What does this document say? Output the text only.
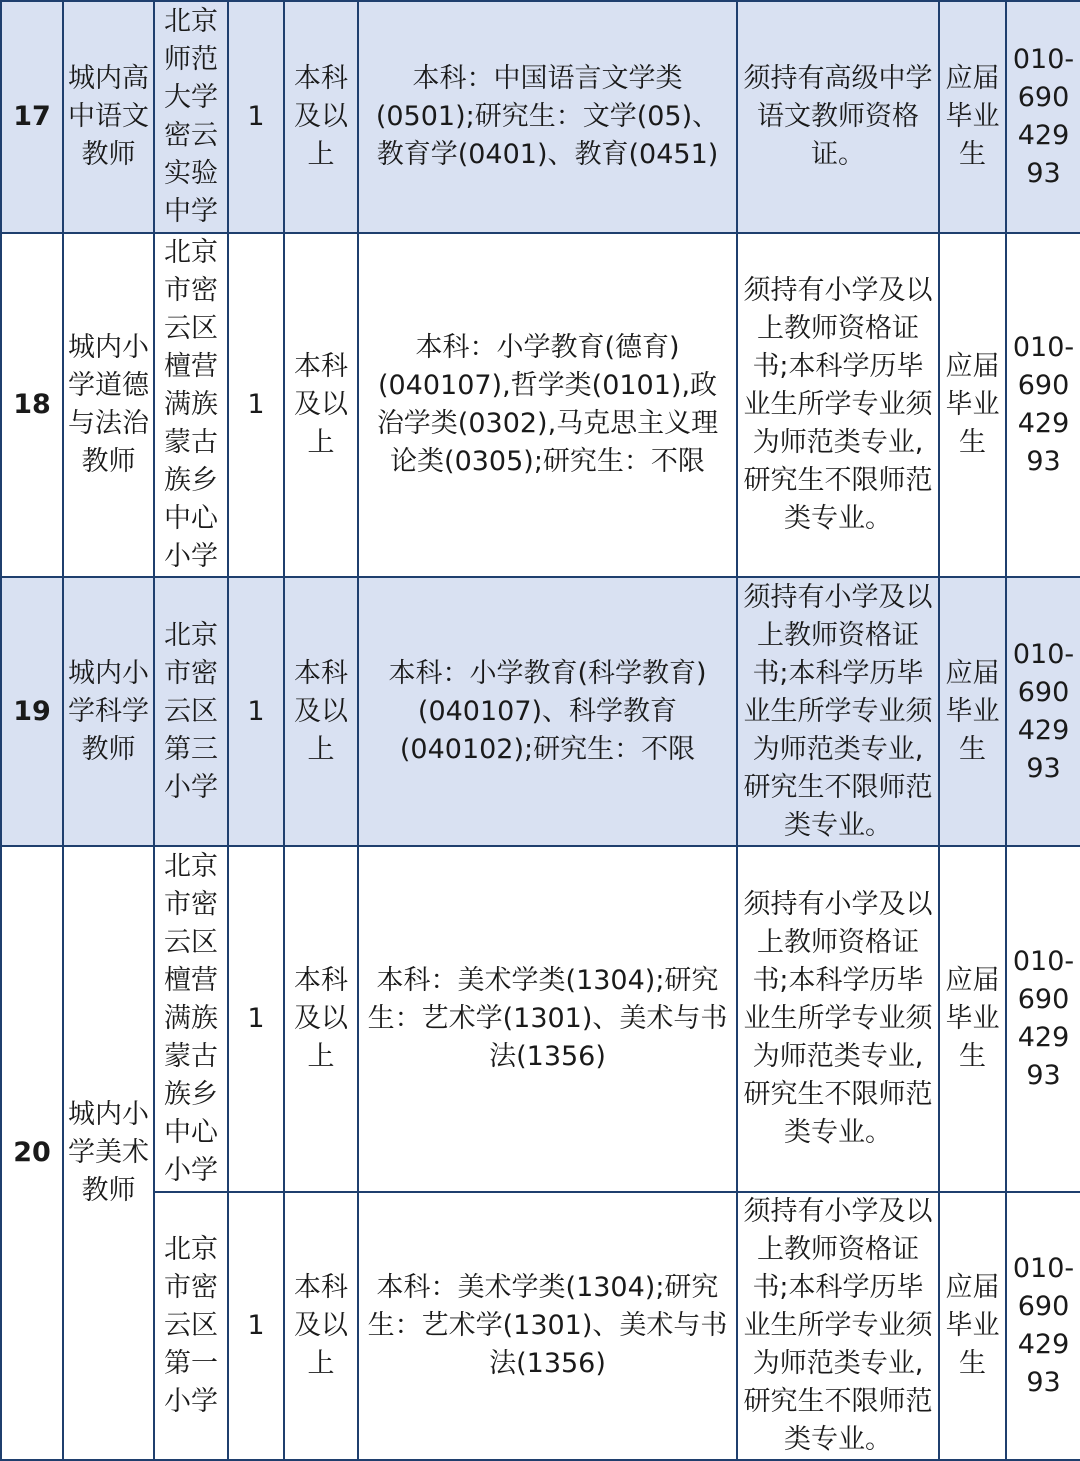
17	城内高中语文教师	北京师范大学密云实验中学	1	本科及以上	本科：中国语言文学类(0501);研究生：文学(05)、教育学(0401)、教育(0451)	须持有高级中学语文教师资格证。	应届毕业生	010-69042993
18	城内小学道德与法治教师	北京市密云区檀营满族蒙古族乡中心小学	1	本科及以上	本科：小学教育(德育)(040107),哲学类(0101),政治学类(0302),马克思主义理论类(0305);研究生：不限	须持有小学及以上教师资格证书;本科学历毕业生所学专业须为师范类专业,研究生不限师范类专业。	应届毕业生	010-69042993
19	城内小学科学教师	北京市密云区第三小学	1	本科及以上	本科：小学教育(科学教育)(040107)、科学教育(040102);研究生：不限	须持有小学及以上教师资格证书;本科学历毕业生所学专业须为师范类专业,研究生不限师范类专业。	应届毕业生	010-69042993
20	城内小学美术教师	北京市密云区檀营满族蒙古族乡中心小学	1	本科及以上	本科：美术学类(1304);研究生：艺术学(1301)、美术与书法(1356)	须持有小学及以上教师资格证书;本科学历毕业生所学专业须为师范类专业,研究生不限师范类专业。	应届毕业生	010-69042993
		北京市密云区第一小学	1	本科及以上	本科：美术学类(1304);研究生：艺术学(1301)、美术与书法(1356)	须持有小学及以上教师资格证书;本科学历毕业生所学专业须为师范类专业,研究生不限师范类专业。	应届毕业生	010-69042993
